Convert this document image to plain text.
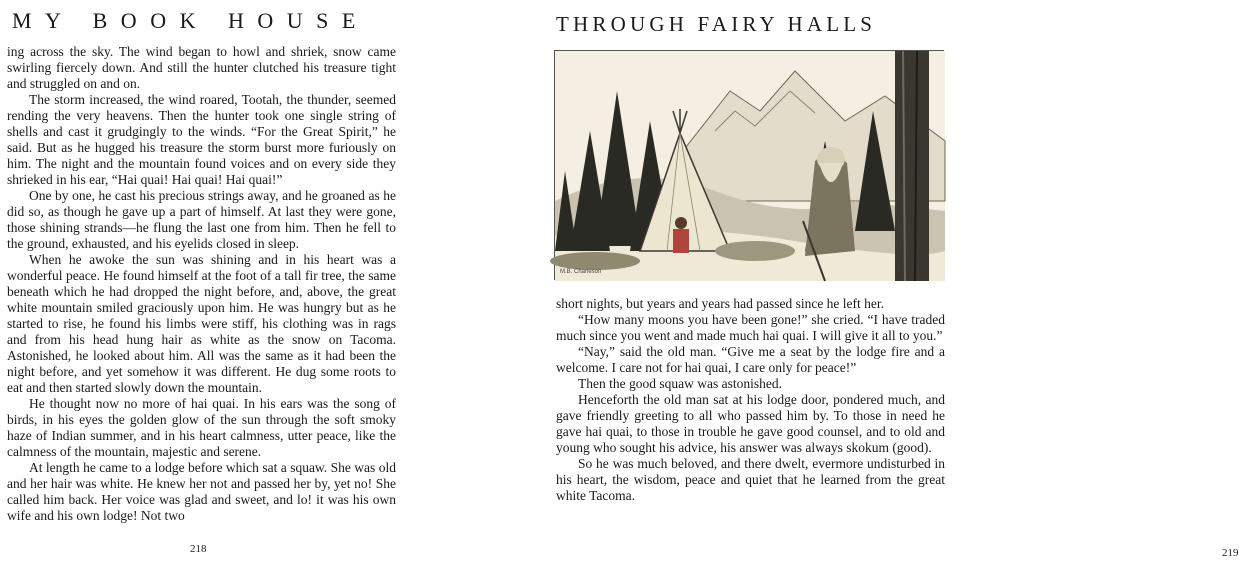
MY BOOK HOUSE

ing across the sky. The wind began to howl and shriek, snow came swirling fiercely down. And still the hunter clutched his treasure tight and struggled on and on.

The storm increased, the wind roared, Tootah, the thunder, seemed rending the very heavens. Then the hunter took one single string of shells and cast it grudgingly to the winds. “For the Great Spirit,” he said. But as he hugged his treasure the storm burst more furiously on him. The night and the mountain found voices and on every side they shrieked in his ear, “Hai quai! Hai quai! Hai quai!”

One by one, he cast his precious strings away, and he groaned as he did so, as though he gave up a part of himself. At last they were gone, those shining strands—he flung the last one from him. Then he fell to the ground, exhausted, and his eyelids closed in sleep.

When he awoke the sun was shining and in his heart was a wonderful peace. He found himself at the foot of a tall fir tree, the same beneath which he had dropped the night before, and, above, the great white mountain smiled graciously upon him. He was hungry but as he started to rise, he found his limbs were stiff, his clothing was in rags and from his head hung hair as white as the snow on Tacoma. Astonished, he looked about him. All was the same as it had been the night before, and yet somehow it was different. He dug some roots to eat and then started slowly down the mountain.

He thought now no more of hai quai. In his ears was the song of birds, in his eyes the golden glow of the sun through the soft smoky haze of Indian summer, and in his heart calmness, utter peace, like the calmness of the mountain, majestic and serene.

At length he came to a lodge before which sat a squaw. She was old and her hair was white. He knew her not and passed her by, yet no! She called him back. Her voice was glad and sweet, and lo! it was his own wife and his own lodge! Not two

218
THROUGH FAIRY HALLS
219
M.B. Charleson

short nights, but years and years had passed since he left her.

“How many moons you have been gone!” she cried. “I have traded much since you went and made much hai quai. I will give it all to you.”

“Nay,” said the old man. “Give me a seat by the lodge fire and a welcome. I care not for hai quai, I care only for peace!”

Then the good squaw was astonished.

Henceforth the old man sat at his lodge door, pondered much, and gave friendly greeting to all who passed him by. To those in need he gave hai quai, to those in trouble he gave good counsel, and to old and young who sought his advice, his answer was always skokum (good).

So he was much beloved, and there dwelt, evermore undisturbed in his heart, the wisdom, peace and quiet that he learned from the great white Tacoma.
